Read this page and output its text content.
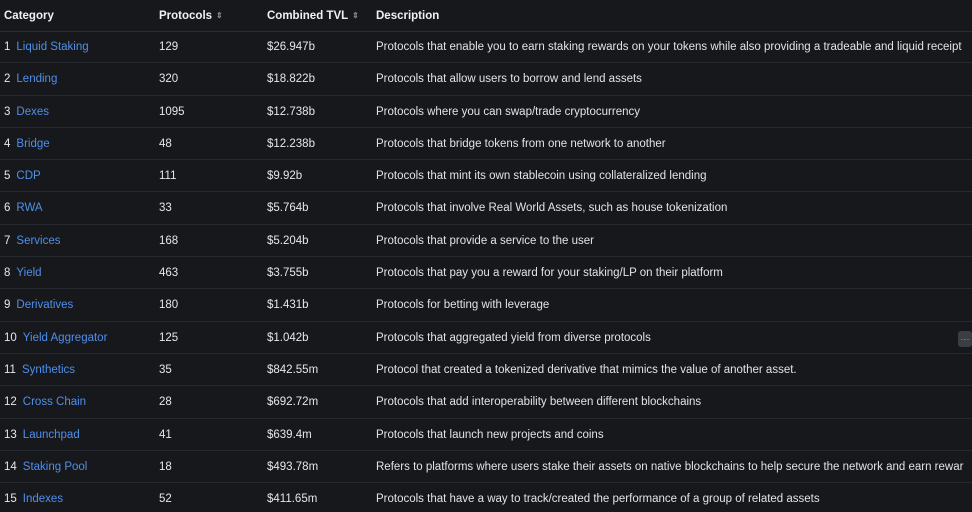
Category	Protocols ⇕	Combined TVL ⇕	Description
1 Liquid Staking	129	$26.947b	Protocols that enable you to earn staking rewards on your tokens while also providing a tradeable and liquid receipt
2 Lending	320	$18.822b	Protocols that allow users to borrow and lend assets
3 Dexes	1095	$12.738b	Protocols where you can swap/trade cryptocurrency
4 Bridge	48	$12.238b	Protocols that bridge tokens from one network to another
5 CDP	111	$9.92b	Protocols that mint its own stablecoin using collateralized lending
6 RWA	33	$5.764b	Protocols that involve Real World Assets, such as house tokenization
7 Services	168	$5.204b	Protocols that provide a service to the user
8 Yield	463	$3.755b	Protocols that pay you a reward for your staking/LP on their platform
9 Derivatives	180	$1.431b	Protocols for betting with leverage
10 Yield Aggregator	125	$1.042b	Protocols that aggregated yield from diverse protocols
11 Synthetics	35	$842.55m	Protocol that created a tokenized derivative that mimics the value of another asset.
12 Cross Chain	28	$692.72m	Protocols that add interoperability between different blockchains
13 Launchpad	41	$639.4m	Protocols that launch new projects and coins
14 Staking Pool	18	$493.78m	Refers to platforms where users stake their assets on native blockchains to help secure the network and earn rewar
15 Indexes	52	$411.65m	Protocols that have a way to track/created the performance of a group of related assets
⋯
